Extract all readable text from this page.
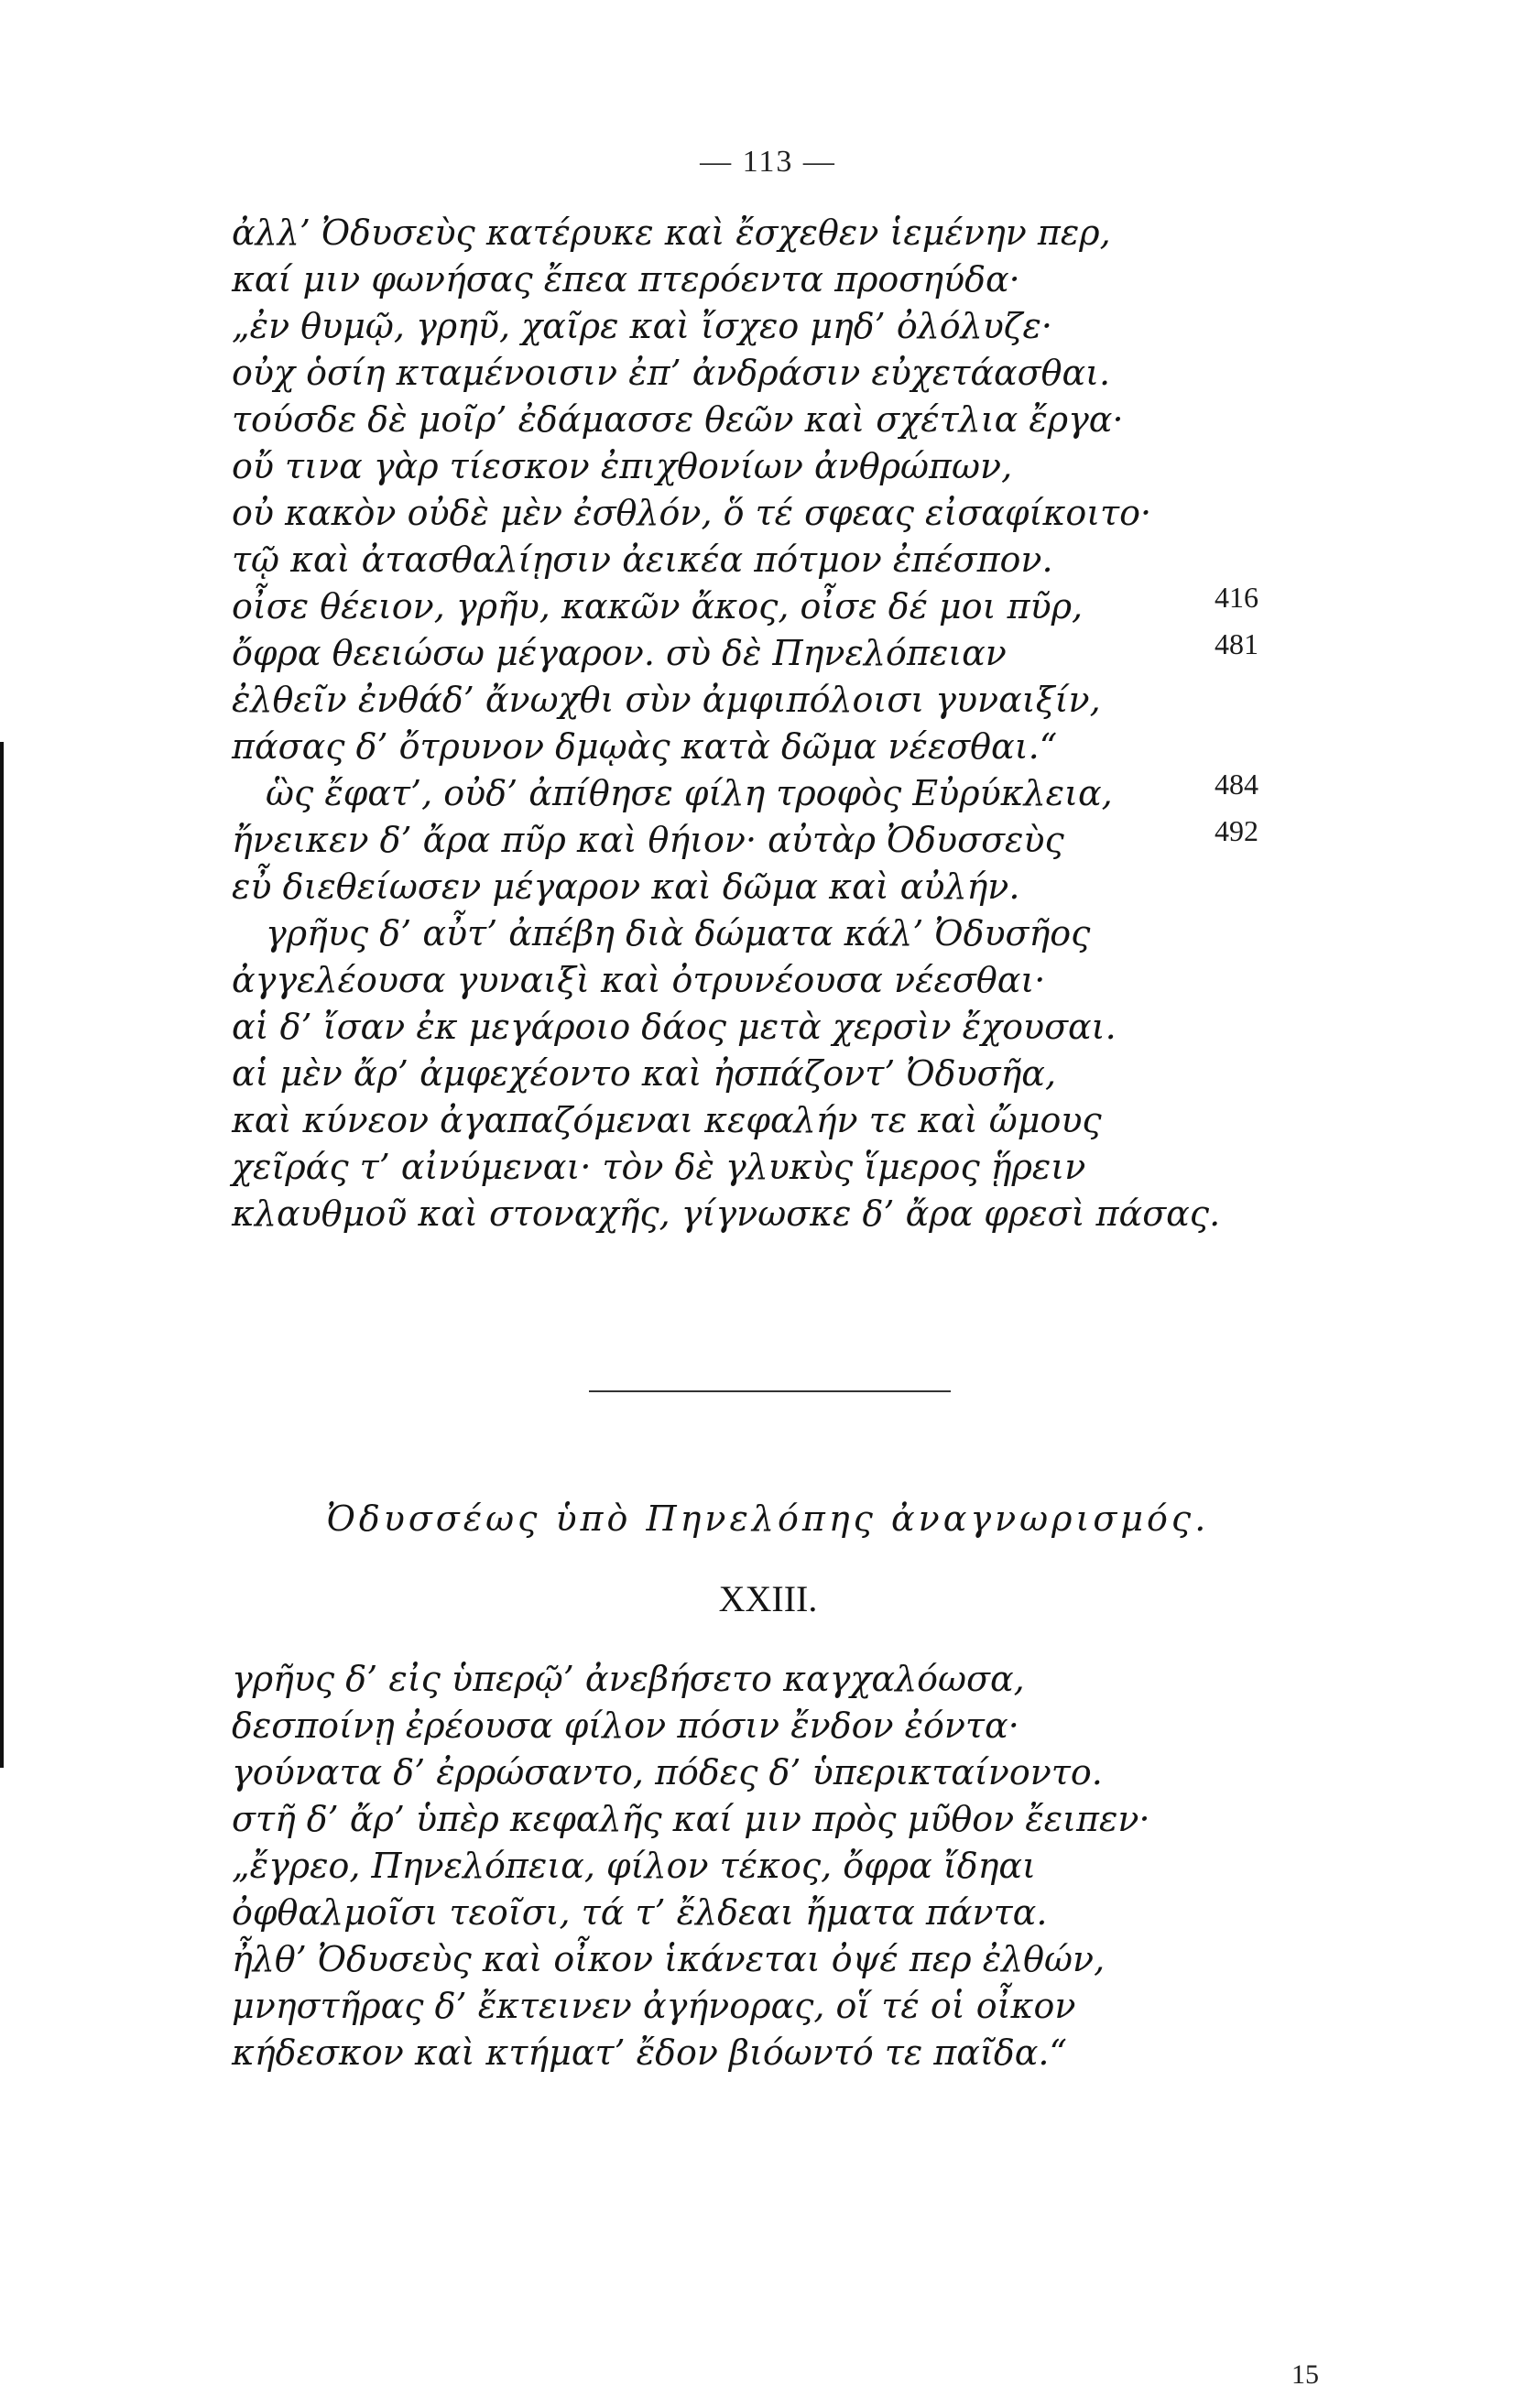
— 113 —
ἀλλ’ Ὀδυσεὺς κατέρυκε καὶ ἔσχεθεν ἱεμένην περ,
καί μιν φωνήσας ἔπεα πτερόεντα προσηύδα·
„ἐν θυμῷ, γρηῦ, χαῖρε καὶ ἴσχεο μηδ’ ὀλόλυζε·
οὐχ ὁσίη κταμένοισιν ἐπ’ ἀνδράσιν εὐχετάασθαι.
τούσδε δὲ μοῖρ’ ἐδάμασσε θεῶν καὶ σχέτλια ἔργα·
οὔ τινα γὰρ τίεσκον ἐπιχθονίων ἀνθρώπων,
οὐ κακὸν οὐδὲ μὲν ἐσθλόν, ὅ τέ σφεας εἰσαφίκοιτο·
τῷ καὶ ἀτασθαλίῃσιν ἀεικέα πότμον ἐπέσπον.
οἶσε θέειον, γρῆυ, κακῶν ἄκος, οἶσε δέ μοι πῦρ,
ὄφρα θεειώσω μέγαρον. σὺ δὲ Πηνελόπειαν
ἐλθεῖν ἐνθάδ’ ἄνωχθι σὺν ἀμφιπόλοισι γυναιξίν,
πάσας δ’ ὄτρυνον δμῳὰς κατὰ δῶμα νέεσθαι.“
ὣς ἔφατ’, οὐδ’ ἀπίθησε φίλη τροφὸς Εὐρύκλεια,
ἤνεικεν δ’ ἄρα πῦρ καὶ θήιον· αὐτὰρ Ὀδυσσεὺς
εὖ διεθείωσεν μέγαρον καὶ δῶμα καὶ αὐλήν.
γρῆυς δ’ αὖτ’ ἀπέβη διὰ δώματα κάλ’ Ὀδυσῆος
ἀγγελέουσα γυναιξὶ καὶ ὀτρυνέουσα νέεσθαι·
αἱ δ’ ἴσαν ἐκ μεγάροιο δάος μετὰ χερσὶν ἔχουσαι.
αἱ μὲν ἄρ’ ἀμφεχέοντο καὶ ἠσπάζοντ’ Ὀδυσῆα,
καὶ κύνεον ἀγαπαζόμεναι κεφαλήν τε καὶ ὤμους
χεῖράς τ’ αἰνύμεναι· τὸν δὲ γλυκὺς ἵμερος ᾕρειν
κλαυθμοῦ καὶ στοναχῆς, γίγνωσκε δ’ ἄρα φρεσὶ πάσας.
416
481
484
492
Ὀδυσσέως ὑπὸ Πηνελόπης ἀναγνωρισμός.
XXIII.
γρῆυς δ’ εἰς ὑπερῷ’ ἀνεβήσετο καγχαλόωσα,
δεσποίνῃ ἐρέουσα φίλον πόσιν ἔνδον ἐόντα·
γούνατα δ’ ἐρρώσαντο, πόδες δ’ ὑπερικταίνοντο.
στῆ δ’ ἄρ’ ὑπὲρ κεφαλῆς καί μιν πρὸς μῦθον ἔειπεν·
„ἔγρεο, Πηνελόπεια, φίλον τέκος, ὄφρα ἴδηαι
ὀφθαλμοῖσι τεοῖσι, τά τ’ ἔλδεαι ἤματα πάντα.
ἦλθ’ Ὀδυσεὺς καὶ οἶκον ἱκάνεται ὀψέ περ ἐλθών,
μνηστῆρας δ’ ἔκτεινεν ἀγήνορας, οἵ τέ οἱ οἶκον
κήδεσκον καὶ κτήματ’ ἔδον βιόωντό τε παῖδα.“
15
